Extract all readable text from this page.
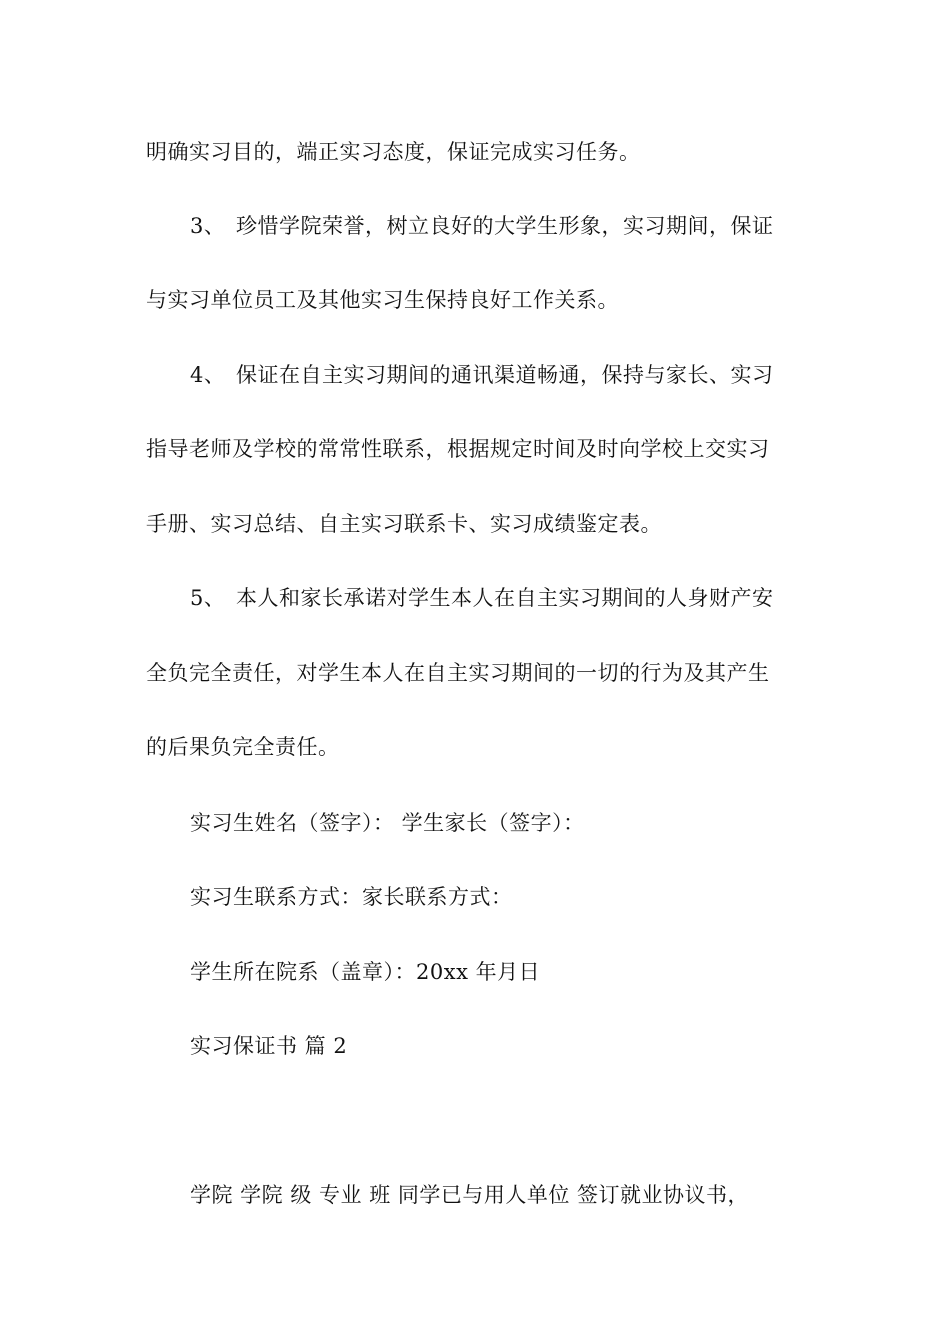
明确实习目的，端正实习态度，保证完成实习任务。
3、 珍惜学院荣誉，树立良好的大学生形象，实习期间，保证
与实习单位员工及其他实习生保持良好工作关系。
4、 保证在自主实习期间的通讯渠道畅通，保持与家长、实习
指导老师及学校的常常性联系，根据规定时间及时向学校上交实习
手册、实习总结、自主实习联系卡、实习成绩鉴定表。
5、 本人和家长承诺对学生本人在自主实习期间的人身财产安
全负完全责任，对学生本人在自主实习期间的一切的行为及其产生
的后果负完全责任。
实习生姓名（签字）： 学生家长（签字）：
实习生联系方式：家长联系方式：
学生所在院系（盖章）：20xx 年月日
实习保证书 篇 2
学院 学院 级 专业 班 同学已与用人单位 签订就业协议书，
